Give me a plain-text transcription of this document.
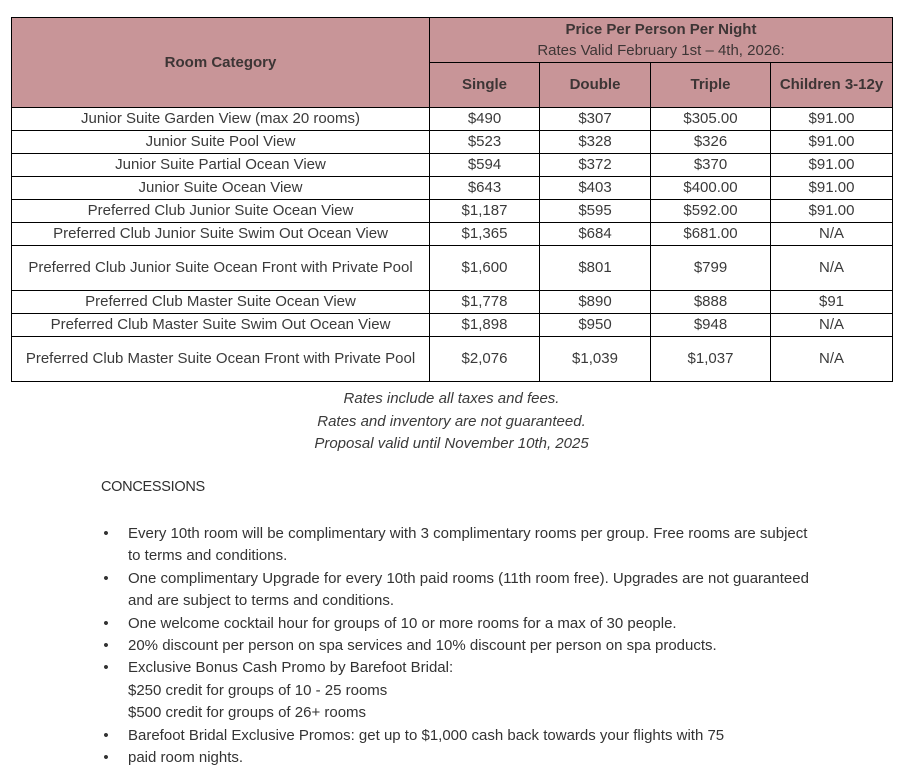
Room Category	Price Per Person Per Night
Rates Valid February 1st – 4th, 2026:			

	Single	Double	Triple	Children 3-12y
Junior Suite Garden View (max 20 rooms)	$490	$307	$305.00	$91.00
Junior Suite Pool View	$523	$328	$326	$91.00
Junior Suite Partial Ocean View	$594	$372	$370	$91.00
Junior Suite Ocean View	$643	$403	$400.00	$91.00
Preferred Club Junior Suite Ocean View	$1,187	$595	$592.00	$91.00
Preferred Club Junior Suite Swim Out Ocean View	$1,365	$684	$681.00	N/A
Preferred Club Junior Suite Ocean Front with Private Pool	$1,600	$801	$799	N/A
Preferred Club Master Suite Ocean View	$1,778	$890	$888	$91
Preferred Club Master Suite Swim Out Ocean View	$1,898	$950	$948	N/A
Preferred Club Master Suite Ocean Front with Private Pool	$2,076	$1,039	$1,037	N/A
Rates include all taxes and fees.
Rates and inventory are not guaranteed.
Proposal valid until November 10th, 2025
CONCESSIONS
• Every 10th room will be complimentary with 3 complimentary rooms per group. Free rooms are subject to terms and conditions.
• One complimentary Upgrade for every 10th paid rooms (11th room free). Upgrades are not guaranteed and are subject to terms and conditions.
• One welcome cocktail hour for groups of 10 or more rooms for a max of 30 people.
• 20% discount per person on spa services and 10% discount per person on spa products.
• Exclusive Bonus Cash Promo by Barefoot Bridal:
$250 credit for groups of 10 - 25 rooms
$500 credit for groups of 26+ rooms
• Barefoot Bridal Exclusive Promos: get up to $1,000 cash back towards your flights with 75
• paid room nights.
